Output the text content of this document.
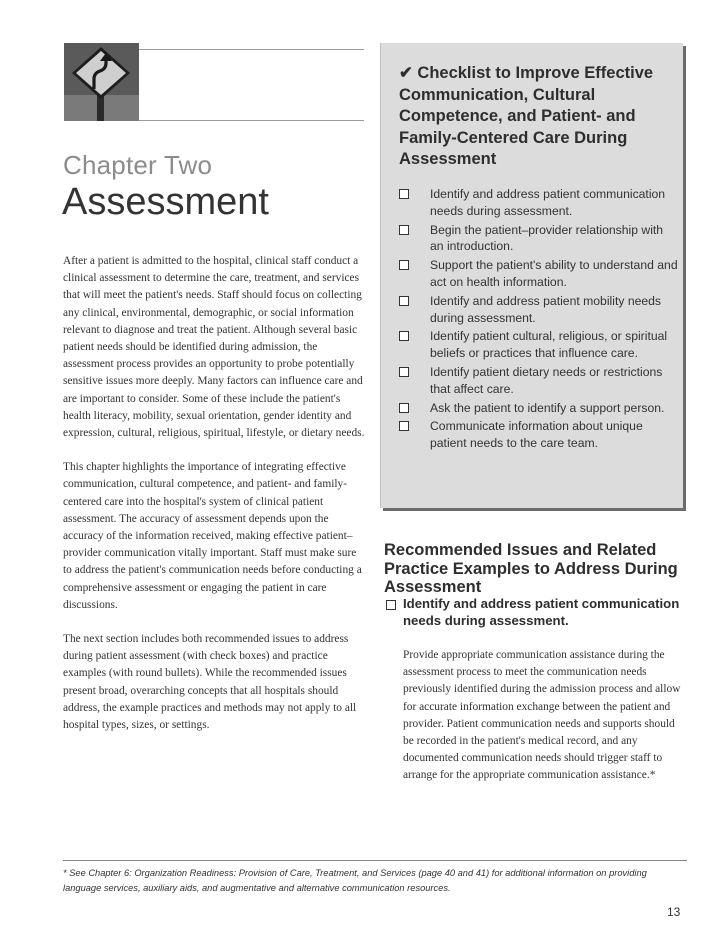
Chapter Two
Assessment

After a patient is admitted to the hospital, clinical staff conduct a clinical assessment to determine the care, treatment, and services that will meet the patient's needs. Staff should focus on collecting any clinical, environmental, demographic, or social information relevant to diagnose and treat the patient. Although several basic patient needs should be identified during admission, the assessment process provides an opportunity to probe potentially sensitive issues more deeply. Many factors can influence care and are important to consider. Some of these include the patient's health literacy, mobility, sexual orientation, gender identity and expression, cultural, religious, spiritual, lifestyle, or dietary needs.

This chapter highlights the importance of integrating effective communication, cultural competence, and patient- and family-centered care into the hospital's system of clinical patient assessment. The accuracy of assessment depends upon the accuracy of the information received, making effective patient–provider communication vitally important. Staff must make sure to address the patient's communication needs before conducting a comprehensive assessment or engaging the patient in care discussions.

The next section includes both recommended issues to address during patient assessment (with check boxes) and practice examples (with round bullets). While the recommended issues present broad, overarching concepts that all hospitals should address, the example practices and methods may not apply to all hospital types, sizes, or settings.

✔ Checklist to Improve Effective Communication, Cultural Competence, and Patient- and Family-Centered Care During Assessment
Identify and address patient communication needs during assessment.
Begin the patient–provider relationship with an introduction.
Support the patient's ability to understand and act on health information.
Identify and address patient mobility needs during assessment.
Identify patient cultural, religious, or spiritual beliefs or practices that influence care.
Identify patient dietary needs or restrictions that affect care.
Ask the patient to identify a support person.
Communicate information about unique patient needs to the care team.
Recommended Issues and Related Practice Examples to Address During Assessment
Identify and address patient communication needs during assessment.
Provide appropriate communication assistance during the assessment process to meet the communication needs previously identified during the admission process and allow for accurate information exchange between the patient and provider. Patient communication needs and supports should be recorded in the patient's medical record, and any documented communication needs should trigger staff to arrange for the appropriate communication assistance.*
* See Chapter 6: Organization Readiness: Provision of Care, Treatment, and Services (page 40 and 41) for additional information on providing language services, auxiliary aids, and augmentative and alternative communication resources.
13
